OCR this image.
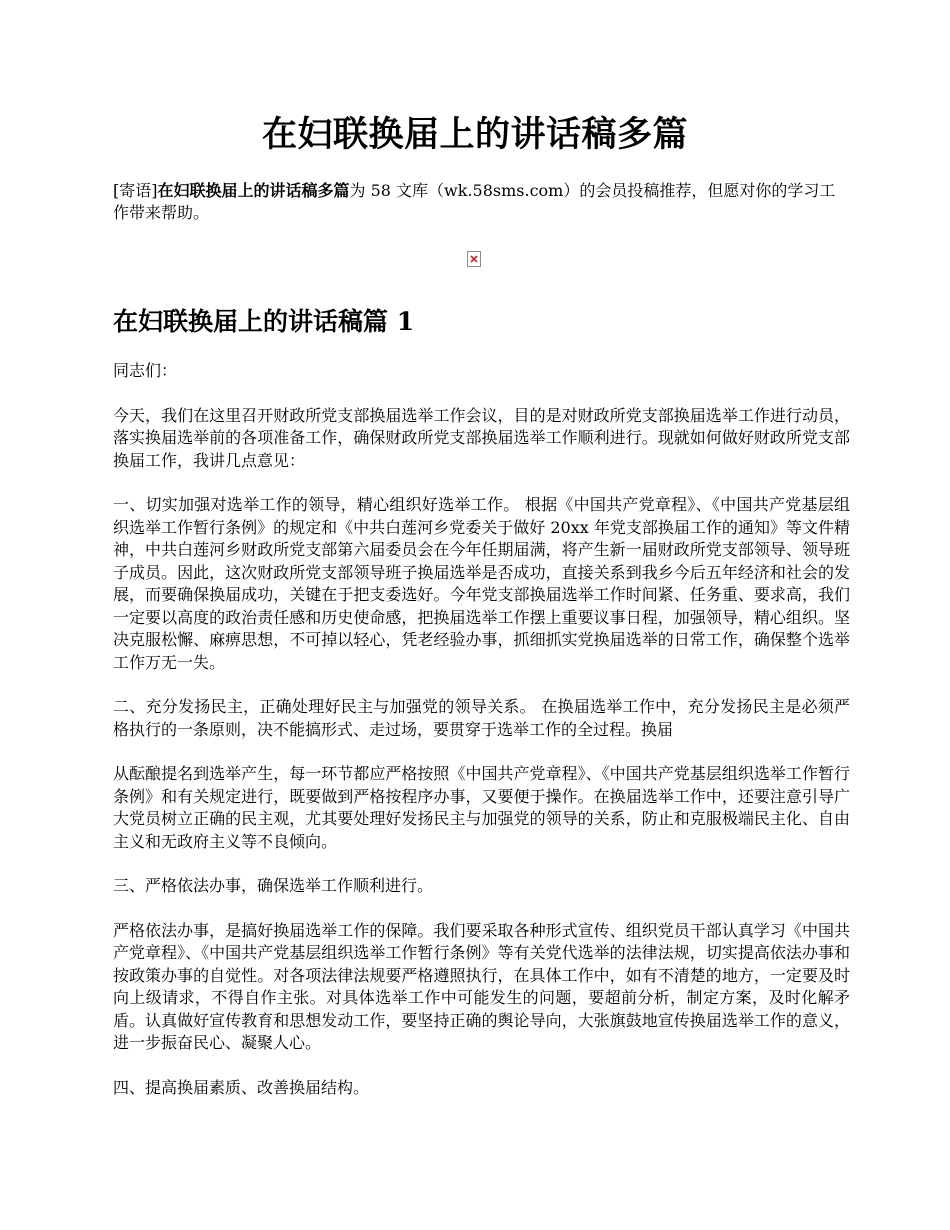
在妇联换届上的讲话稿多篇

[寄语]在妇联换届上的讲话稿多篇为 58 文库（wk.58sms.com）的会员投稿推荐，但愿对你的学习工作带来帮助。

在妇联换届上的讲话稿篇 1

同志们：

今天，我们在这里召开财政所党支部换届选举工作会议，目的是对财政所党支部换届选举工作进行动员，落实换届选举前的各项准备工作，确保财政所党支部换届选举工作顺利进行。现就如何做好财政所党支部换届工作，我讲几点意见：

一、切实加强对选举工作的领导，精心组织好选举工作。 根据《中国共产党章程》、《中国共产党基层组织选举工作暂行条例》的规定和《中共白莲河乡党委关于做好 20xx 年党支部换届工作的通知》等文件精神，中共白莲河乡财政所党支部第六届委员会在今年任期届满，将产生新一届财政所党支部领导、领导班子成员。因此，这次财政所党支部领导班子换届选举是否成功，直接关系到我乡今后五年经济和社会的发展，而要确保换届成功，关键在于把支委选好。今年党支部换届选举工作时间紧、任务重、要求高，我们一定要以高度的政治责任感和历史使命感，把换届选举工作摆上重要议事日程，加强领导，精心组织。坚决克服松懈、麻痹思想，不可掉以轻心，凭老经验办事，抓细抓实党换届选举的日常工作，确保整个选举工作万无一失。

二、充分发扬民主，正确处理好民主与加强党的领导关系。 在换届选举工作中，充分发扬民主是必须严格执行的一条原则，决不能搞形式、走过场，要贯穿于选举工作的全过程。换届

从酝酿提名到选举产生，每一环节都应严格按照《中国共产党章程》、《中国共产党基层组织选举工作暂行条例》和有关规定进行，既要做到严格按程序办事，又要便于操作。在换届选举工作中，还要注意引导广大党员树立正确的民主观，尤其要处理好发扬民主与加强党的领导的关系，防止和克服极端民主化、自由主义和无政府主义等不良倾向。

三、严格依法办事，确保选举工作顺利进行。

严格依法办事，是搞好换届选举工作的保障。我们要采取各种形式宣传、组织党员干部认真学习《中国共产党章程》、《中国共产党基层组织选举工作暂行条例》等有关党代选举的法律法规，切实提高依法办事和按政策办事的自觉性。对各项法律法规要严格遵照执行，在具体工作中，如有不清楚的地方，一定要及时向上级请求，不得自作主张。对具体选举工作中可能发生的问题，要超前分析，制定方案，及时化解矛盾。认真做好宣传教育和思想发动工作，要坚持正确的舆论导向，大张旗鼓地宣传换届选举工作的意义，进一步振奋民心、凝聚人心。

四、提高换届素质、改善换届结构。
